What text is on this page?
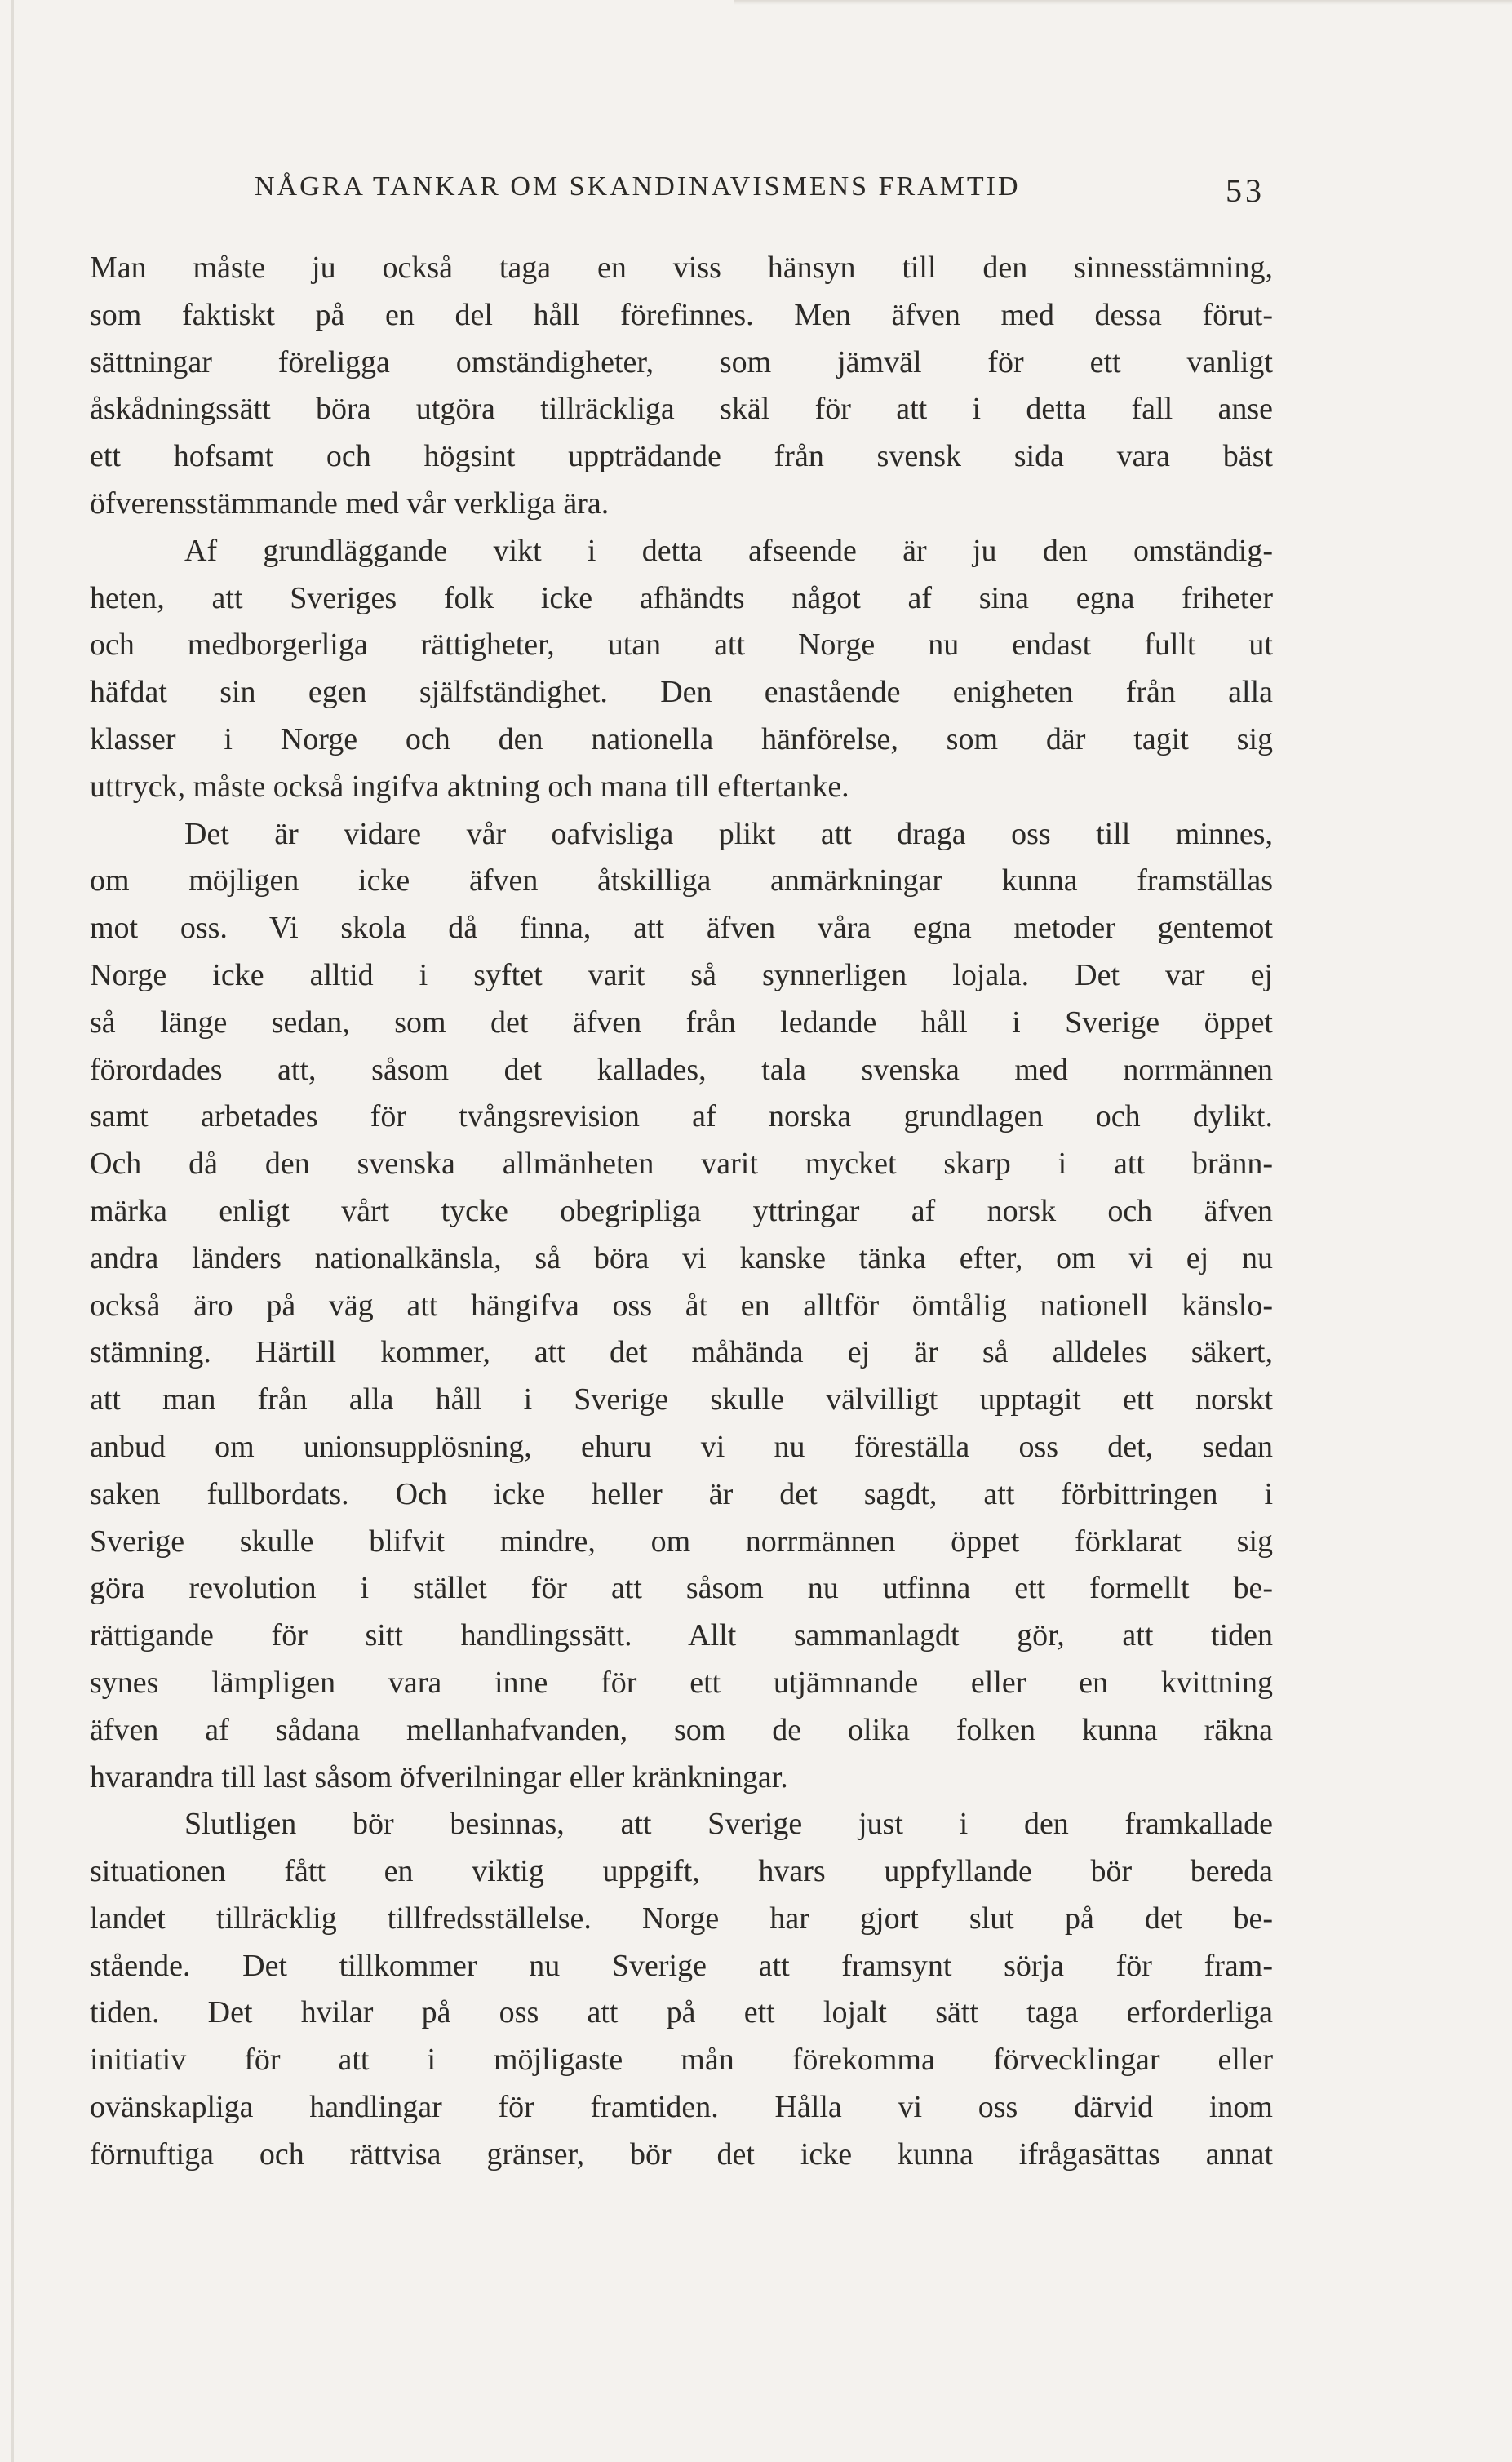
NÅGRA TANKAR OM SKANDINAVISMENS FRAMTID	53
Man måste ju också taga en viss hänsyn till den sinnesstämning,
som faktiskt på en del håll förefinnes. Men äfven med dessa förut-
sättningar föreligga omständigheter, som jämväl för ett vanligt
åskådningssätt böra utgöra tillräckliga skäl för att i detta fall anse
ett hofsamt och högsint uppträdande från svensk sida vara bäst
öfverensstämmande med vår verkliga ära.
Af grundläggande vikt i detta afseende är ju den omständig-
heten, att Sveriges folk icke afhändts något af sina egna friheter
och medborgerliga rättigheter, utan att Norge nu endast fullt ut
häfdat sin egen själfständighet. Den enastående enigheten från alla
klasser i Norge och den nationella hänförelse, som där tagit sig
uttryck, måste också ingifva aktning och mana till eftertanke.
Det är vidare vår oafvisliga plikt att draga oss till minnes,
om möjligen icke äfven åtskilliga anmärkningar kunna framställas
mot oss. Vi skola då finna, att äfven våra egna metoder gentemot
Norge icke alltid i syftet varit så synnerligen lojala. Det var ej
så länge sedan, som det äfven från ledande håll i Sverige öppet
förordades att, såsom det kallades, tala svenska med norrmännen
samt arbetades för tvångsrevision af norska grundlagen och dylikt.
Och då den svenska allmänheten varit mycket skarp i att bränn-
märka enligt vårt tycke obegripliga yttringar af norsk och äfven
andra länders nationalkänsla, så böra vi kanske tänka efter, om vi ej nu
också äro på väg att hängifva oss åt en alltför ömtålig nationell känslo-
stämning. Härtill kommer, att det måhända ej är så alldeles säkert,
att man från alla håll i Sverige skulle välvilligt upptagit ett norskt
anbud om unionsupplösning, ehuru vi nu föreställa oss det, sedan
saken fullbordats. Och icke heller är det sagdt, att förbittringen i
Sverige skulle blifvit mindre, om norrmännen öppet förklarat sig
göra revolution i stället för att såsom nu utfinna ett formellt be-
rättigande för sitt handlingssätt. Allt sammanlagdt gör, att tiden
synes lämpligen vara inne för ett utjämnande eller en kvittning
äfven af sådana mellanhafvanden, som de olika folken kunna räkna
hvarandra till last såsom öfverilningar eller kränkningar.
Slutligen bör besinnas, att Sverige just i den framkallade
situationen fått en viktig uppgift, hvars uppfyllande bör bereda
landet tillräcklig tillfredsställelse. Norge har gjort slut på det be-
stående. Det tillkommer nu Sverige att framsynt sörja för fram-
tiden. Det hvilar på oss att på ett lojalt sätt taga erforderliga
initiativ för att i möjligaste mån förekomma förvecklingar eller
ovänskapliga handlingar för framtiden. Hålla vi oss därvid inom
förnuftiga och rättvisa gränser, bör det icke kunna ifrågasättas annat
